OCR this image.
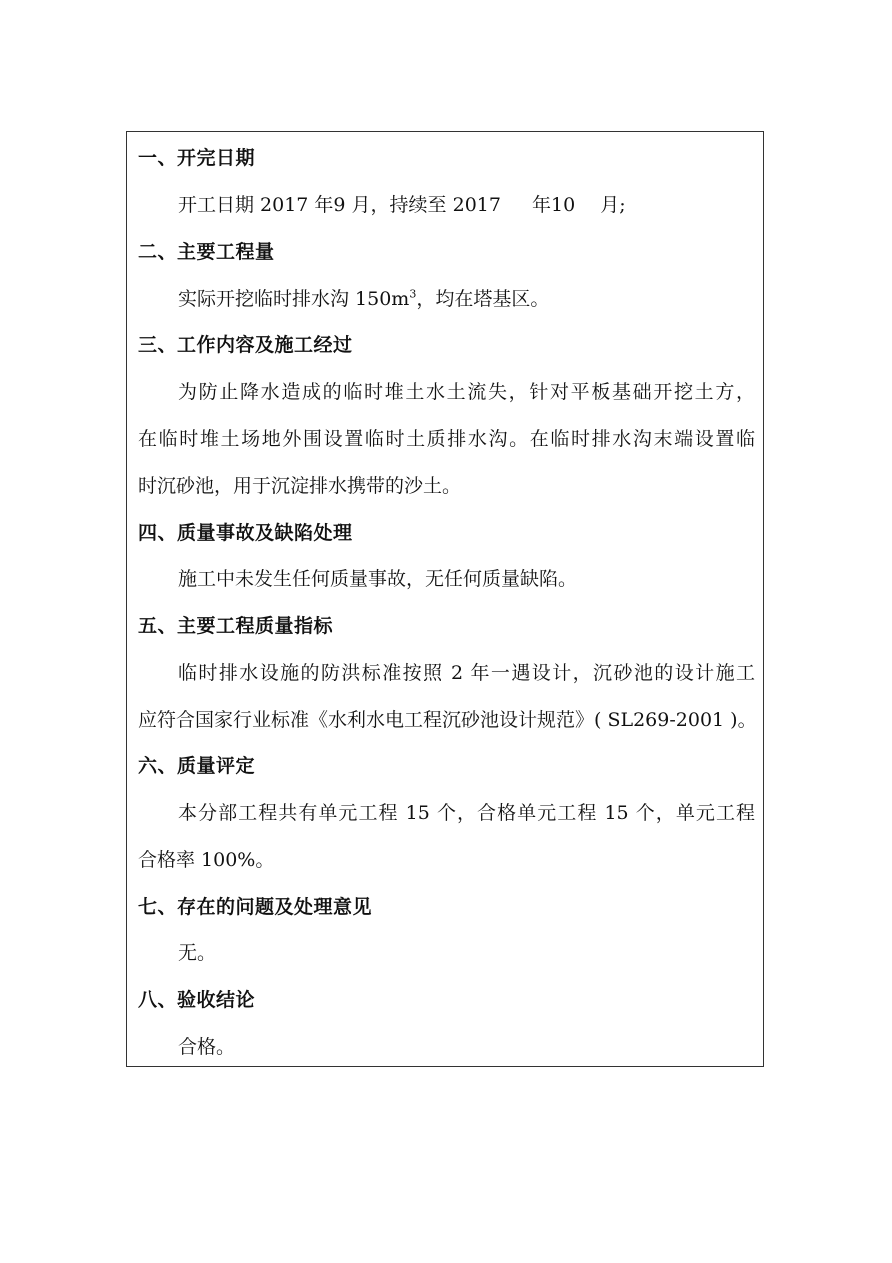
一、开完日期
开工日期 2017 年9 月，持续至 2017 　 年10 　月;
二、主要工程量
实际开挖临时排水沟 $150m^3$，均在塔基区。
三、工作内容及施工经过
为防止降水造成的临时堆土水土流失，针对平板基础开挖土方，
在临时堆土场地外围设置临时土质排水沟。在临时排水沟末端设置临
时沉砂池，用于沉淀排水携带的沙土。
四、质量事故及缺陷处理
施工中未发生任何质量事故，无任何质量缺陷。
五、主要工程质量指标
临时排水设施的防洪标准按照 2 年一遇设计，沉砂池的设计施工
应符合国家行业标准《水利水电工程沉砂池设计规范》( SL269-2001 )。
六、质量评定
本分部工程共有单元工程 15 个，合格单元工程 15 个，单元工程
合格率 100%。
七、存在的问题及处理意见
无。
八、验收结论
合格。
